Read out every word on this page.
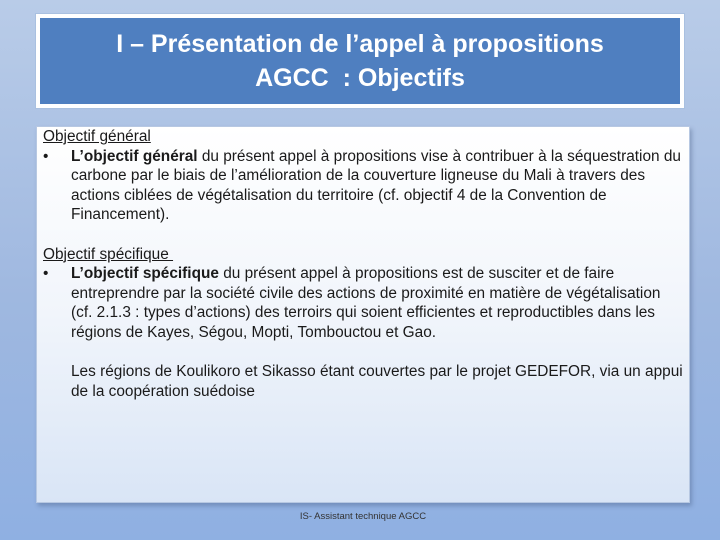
I – Présentation de l’appel à propositions
AGCC  : Objectifs
Objectif général
• L’objectif général du présent appel à propositions vise à contribuer à la séquestration du carbone par le biais de l’amélioration de la couverture ligneuse du Mali à travers des actions ciblées de végétalisation du territoire (cf. objectif 4 de la Convention de Financement).
Objectif spécifique
• L’objectif spécifique du présent appel à propositions est de susciter et de faire entreprendre par la société civile des actions de proximité en matière de végétalisation (cf. 2.1.3 : types d’actions) des terroirs qui soient efficientes et reproductibles dans les régions de Kayes, Ségou, Mopti, Tombouctou et Gao.
Les régions de Koulikoro et Sikasso étant couvertes par le projet GEDEFOR, via un appui de la coopération suédoise
IS- Assistant technique AGCC
